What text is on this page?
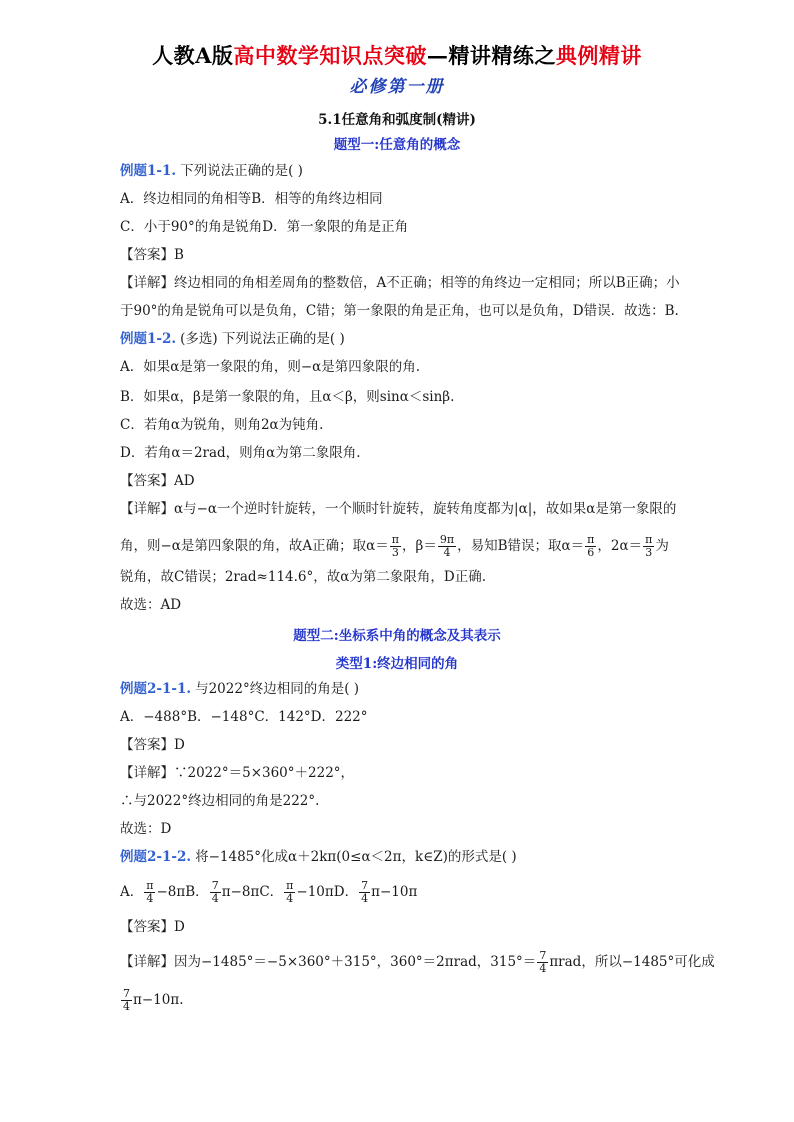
人教A版高中数学知识点突破—精讲精练之典例精讲
必修第一册
5.1任意角和弧度制(精讲)
题型一:任意角的概念
例题1-1. 下列说法正确的是( )
A．终边相同的角相等B．相等的角终边相同
C．小于90°的角是锐角D．第一象限的角是正角
【答案】B
【详解】终边相同的角相差周角的整数倍，A不正确；相等的角终边一定相同；所以B正确；小
于90°的角是锐角可以是负角，C错；第一象限的角是正角，也可以是负角，D错误．故选：B.
例题1-2. (多选) 下列说法正确的是( )
A．如果α是第一象限的角，则−α是第四象限的角.
B．如果α，β是第一象限的角，且α＜β，则sinα＜sinβ.
C．若角α为锐角，则角2α为钝角.
D．若角α＝2rad，则角α为第二象限角.
【答案】AD
【详解】α与−α一个逆时针旋转，一个顺时针旋转，旋转角度都为|α|，故如果α是第一象限的
角，则−α是第四象限的角，故A正确；取$\alpha= \frac{\pi}{3}$ ，$\beta= \frac{9\pi}{4}$ ，易知B错误；取$\alpha= \frac{\pi}{6}$ ，$2\alpha= \frac{\pi}{3}$ 为
锐角，故C错误；2rad≈114.6°，故α为第二象限角，D正确.
故选：AD
题型二:坐标系中角的概念及其表示
类型1:终边相同的角
例题2-1-1. 与2022°终边相同的角是( )
A．−488°B．−148°C．142°D．222°
【答案】D
【详解】∵2022°＝5×360°＋222°，
∴与2022°终边相同的角是222°.
故选：D
例题2-1-2. 将−1485°化成α＋2kπ(0≤α＜2π，k∈Z)的形式是( )
A． $\frac{\pi}{4} -8\pi B$． $\frac{7}{4} \pi-8\pi C$． $\frac{\pi}{4} -10\pi D$． $\frac{7}{4} \pi-10\pi$
【答案】D
【详解】因为−1485°＝−5×360°＋315°，360°＝2πrad，$315^\circ= \frac{7}{4}$ πrad，所以−1485°可化成
$\frac{7}{4} \pi-10\pi$.
